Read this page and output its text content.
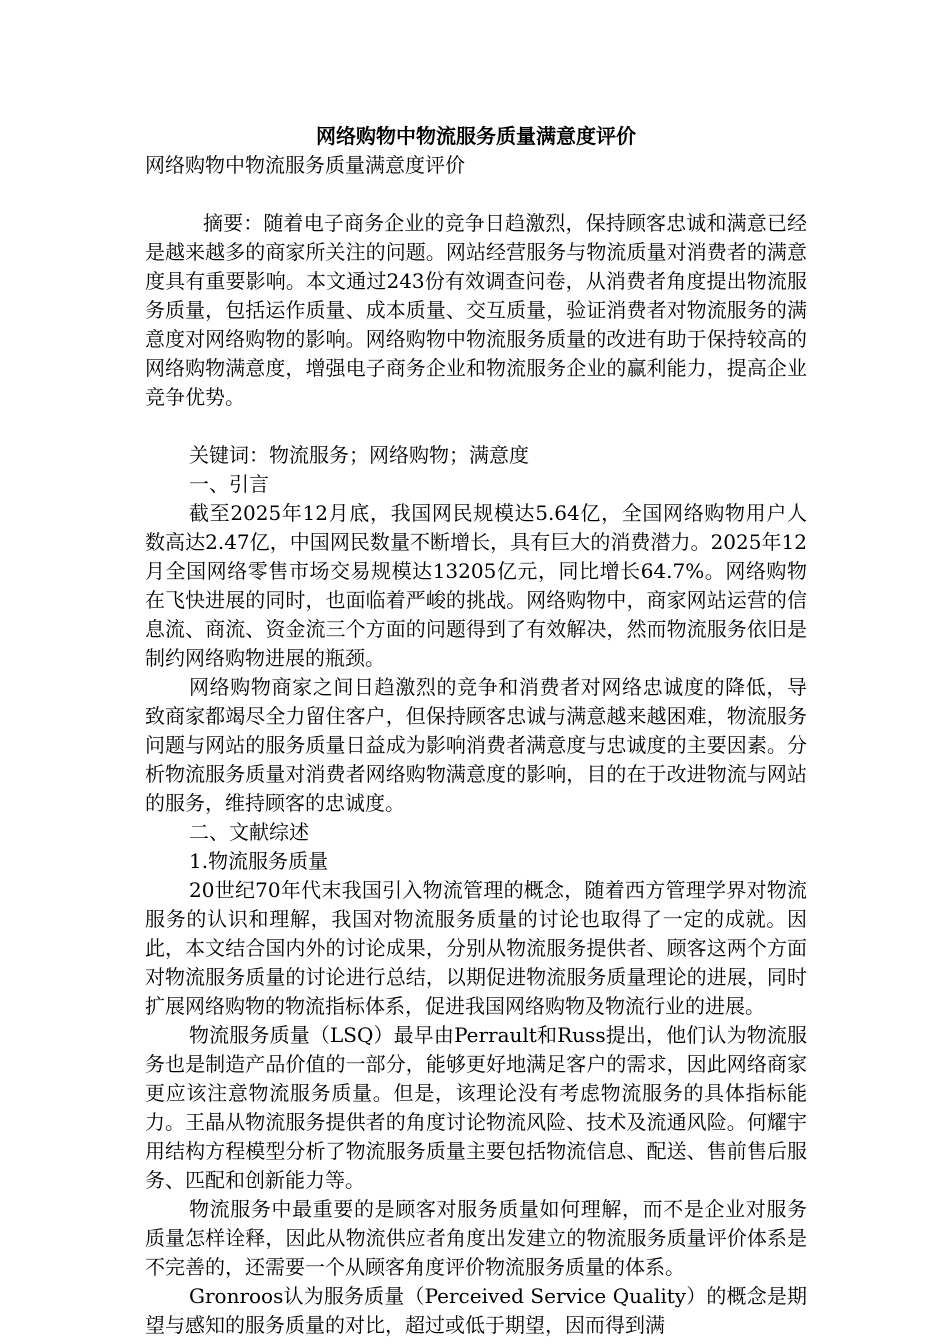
网络购物中物流服务质量满意度评价
网络购物中物流服务质量满意度评价

摘要：随着电子商务企业的竞争日趋激烈，保持顾客忠诚和满意已经是越来越多的商家所关注的问题。网站经营服务与物流质量对消费者的满意度具有重要影响。本文通过243份有效调查问卷，从消费者角度提出物流服务质量，包括运作质量、成本质量、交互质量，验证消费者对物流服务的满意度对网络购物的影响。网络购物中物流服务质量的改进有助于保持较高的网络购物满意度，增强电子商务企业和物流服务企业的赢利能力，提高企业竞争优势。

关键词：物流服务；网络购物；满意度

一、引言

截至2025年12月底，我国网民规模达5.64亿，全国网络购物用户人数高达2.47亿，中国网民数量不断增长，具有巨大的消费潜力。2025年12月全国网络零售市场交易规模达13205亿元，同比增长64.7%。网络购物在飞快进展的同时，也面临着严峻的挑战。网络购物中，商家网站运营的信息流、商流、资金流三个方面的问题得到了有效解决，然而物流服务依旧是制约网络购物进展的瓶颈。

网络购物商家之间日趋激烈的竞争和消费者对网络忠诚度的降低，导致商家都竭尽全力留住客户，但保持顾客忠诚与满意越来越困难，物流服务问题与网站的服务质量日益成为影响消费者满意度与忠诚度的主要因素。分析物流服务质量对消费者网络购物满意度的影响，目的在于改进物流与网站的服务，维持顾客的忠诚度。

二、文献综述

1.物流服务质量

20世纪70年代末我国引入物流管理的概念，随着西方管理学界对物流服务的认识和理解，我国对物流服务质量的讨论也取得了一定的成就。因此，本文结合国内外的讨论成果，分别从物流服务提供者、顾客这两个方面对物流服务质量的讨论进行总结，以期促进物流服务质量理论的进展，同时扩展网络购物的物流指标体系，促进我国网络购物及物流行业的进展。

物流服务质量（LSQ）最早由Perrault和Russ提出，他们认为物流服务也是制造产品价值的一部分，能够更好地满足客户的需求，因此网络商家更应该注意物流服务质量。但是，该理论没有考虑物流服务的具体指标能力。王晶从物流服务提供者的角度讨论物流风险、技术及流通风险。何耀宇用结构方程模型分析了物流服务质量主要包括物流信息、配送、售前售后服务、匹配和创新能力等。

物流服务中最重要的是顾客对服务质量如何理解，而不是企业对服务质量怎样诠释，因此从物流供应者角度出发建立的物流服务质量评价体系是不完善的，还需要一个从顾客角度评价物流服务质量的体系。

Gronroos认为服务质量（Perceived Service Quality）的概念是期望与感知的服务质量的对比，超过或低于期望，因而得到满
